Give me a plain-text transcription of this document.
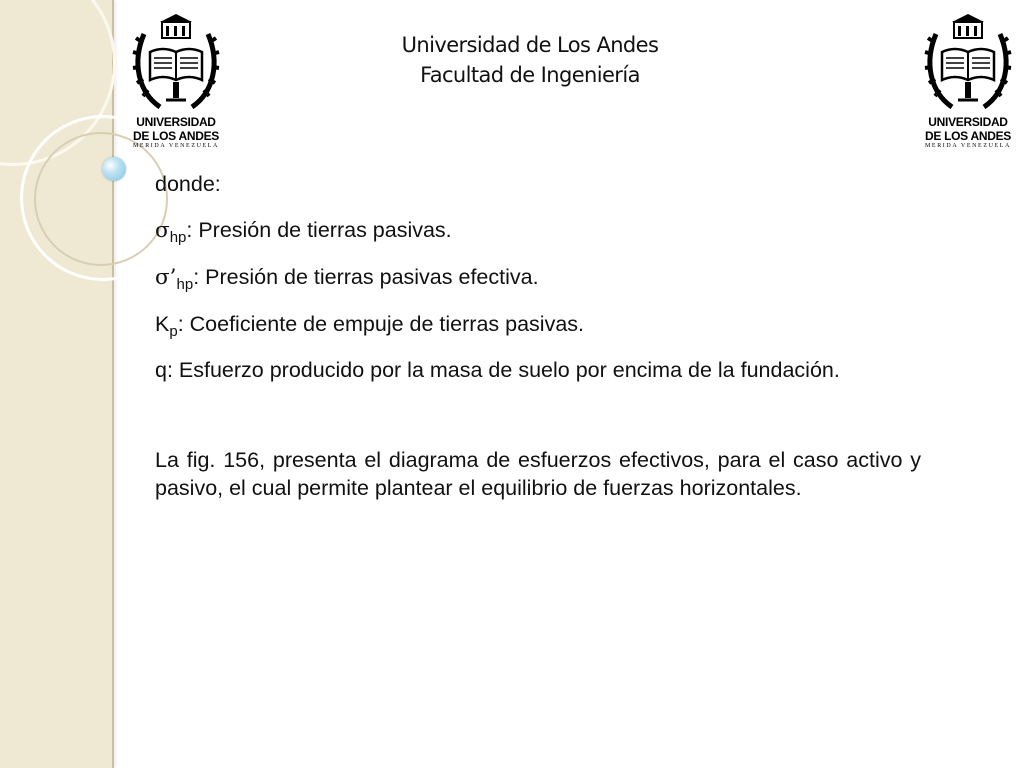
UNIVERSIDAD
DE LOS ANDES
MERIDA VENEZUELA
UNIVERSIDAD
DE LOS ANDES
MERIDA VENEZUELA
Universidad de Los Andes
Facultad de Ingeniería

donde:

$\sigma_{hp}$: Presión de tierras pasivas.

$\sigma’_{hp}$: Presión de tierras pasivas efectiva.

$K_p$: Coeficiente de empuje de tierras pasivas.

q: Esfuerzo producido por la masa de suelo por encima de la fundación.

La fig. 156, presenta el diagrama de esfuerzos efectivos, para el caso activo y pasivo, el cual permite plantear el equilibrio de fuerzas horizontales.
